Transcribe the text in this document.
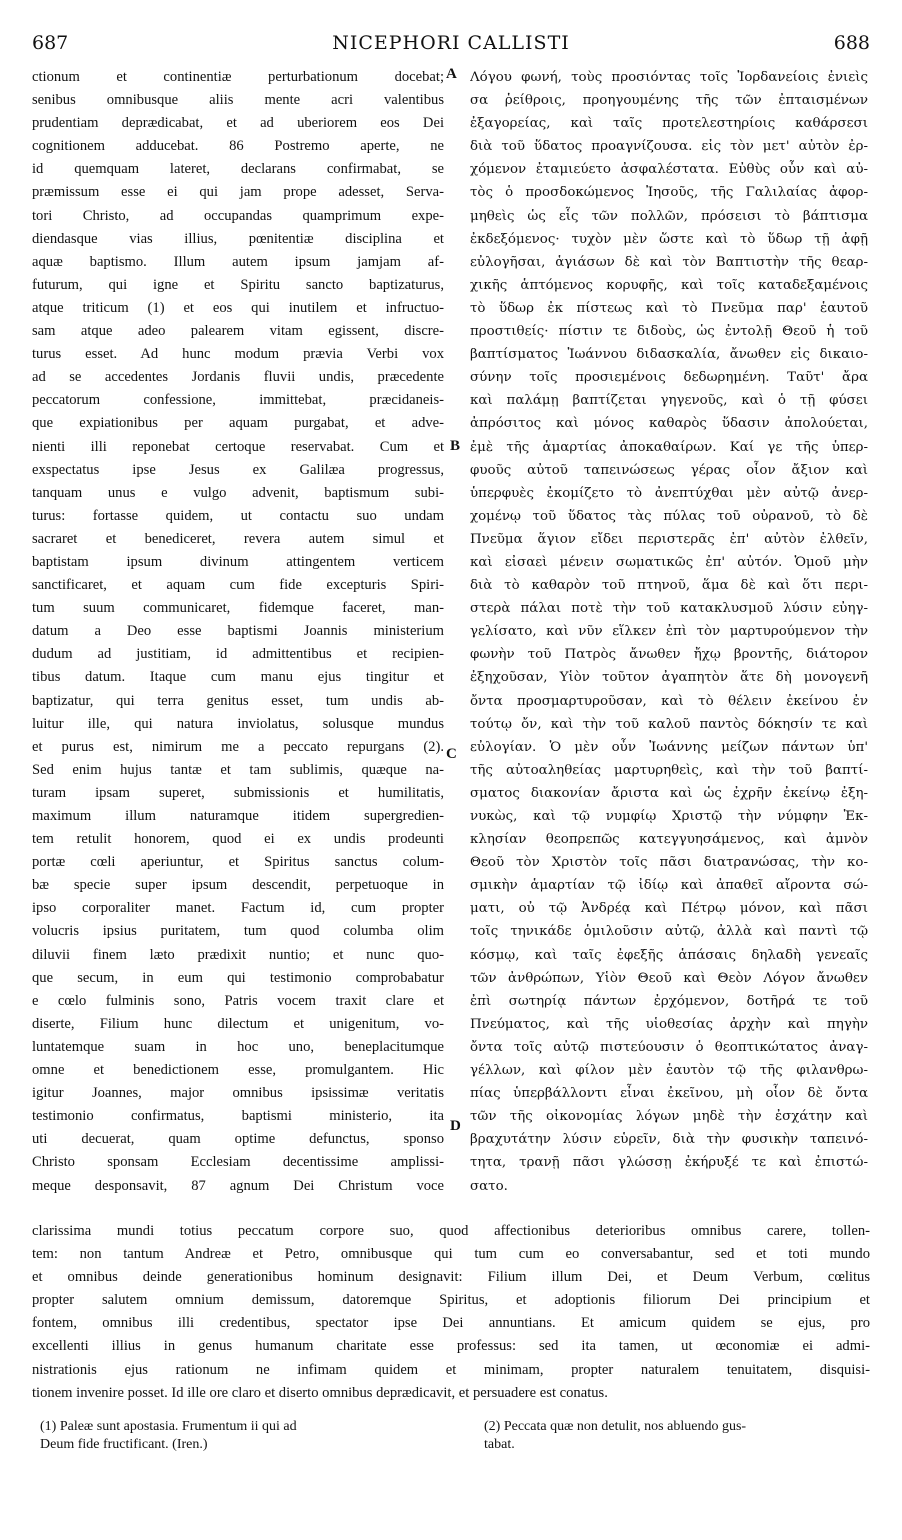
687	NICEPHORI CALLISTI	688
ctionum et continentiæ perturbationum docebat;
senibus omnibusque aliis mente acri valentibus
prudentiam deprædicabat, et ad uberiorem eos Dei
cognitionem adducebat. 86 Postremo aperte, ne
id quemquam lateret, declarans confirmabat, se
præmissum esse ei qui jam prope adesset, Serva-
tori Christo, ad occupandas quamprimum expe-
diendasque vias illius, pœnitentiæ disciplina et
aquæ baptismo. Illum autem ipsum jamjam af-
futurum, qui igne et Spiritu sancto baptizaturus,
atque triticum (1) et eos qui inutilem et infructuo-
sam atque adeo palearem vitam egissent, discre-
turus esset. Ad hunc modum prævia Verbi vox
ad se accedentes Jordanis fluvii undis, præcedente
peccatorum confessione, immittebat, præcidaneis-
que expiationibus per aquam purgabat, et adve-
nienti illi reponebat certoque reservabat. Cum et
exspectatus ipse Jesus ex Galilæa progressus,
tanquam unus e vulgo advenit, baptismum subi-
turus: fortasse quidem, ut contactu suo undam
sacraret et benediceret, revera autem simul et
baptistam ipsum divinum attingentem verticem
sanctificaret, et aquam cum fide excepturis Spiri-
tum suum communicaret, fidemque faceret, man-
datum a Deo esse baptismi Joannis ministerium
dudum ad justitiam, id admittentibus et recipien-
tibus datum. Itaque cum manu ejus tingitur et
baptizatur, qui terra genitus esset, tum undis ab-
luitur ille, qui natura inviolatus, solusque mundus
et purus est, nimirum me a peccato repurgans (2).
Sed enim hujus tantæ et tam sublimis, quæque na-
turam ipsam superet, submissionis et humilitatis,
maximum illum naturamque itidem supergredien-
tem retulit honorem, quod ei ex undis prodeunti
portæ cœli aperiuntur, et Spiritus sanctus colum-
bæ specie super ipsum descendit, perpetuoque in
ipso corporaliter manet. Factum id, cum propter
volucris ipsius puritatem, tum quod columba olim
diluvii finem læto prædixit nuntio; et nunc quo-
que secum, in eum qui testimonio comprobabatur
e cœlo fulminis sono, Patris vocem traxit clare et
diserte, Filium hunc dilectum et unigenitum, vo-
luntatemque suam in hoc uno, beneplacitumque
omne et benedictionem esse, promulgantem. Hic
igitur Joannes, major omnibus ipsissimæ veritatis
testimonio confirmatus, baptismi ministerio, ita
uti decuerat, quam optime defunctus, sponso
Christo sponsam Ecclesiam decentissime amplissi-
meque desponsavit, 87 agnum Dei Christum voce
Λόγου φωνή, τοὺς προσιόντας τοῖς Ἰορδανείοις ἐνιεὶς
σα ῥείθροις, προηγουμένης τῆς τῶν ἐπταισμένων
ἐξαγορείας, καὶ ταῖς προτελεστηρίοις καθάρσεσι
διὰ τοῦ ὕδατος προαγνίζουσα. εἰς τὸν μετ' αὐτὸν ἐρ-
χόμενον ἐταμιεύετο ἀσφαλέστατα. Εὐθὺς οὖν καὶ αὐ-
τὸς ὁ προσδοκώμενος Ἰησοῦς, τῆς Γαλιλαίας ἀφορ-
μηθεὶς ὡς εἷς τῶν πολλῶν, πρόσεισι τὸ βάπτισμα
ἐκδεξόμενος· τυχὸν μὲν ὥστε καὶ τὸ ὕδωρ τῇ ἀφῇ
εὐλογῆσαι, ἁγιάσων δὲ καὶ τὸν Βαπτιστὴν τῆς θεαρ-
χικῆς ἁπτόμενος κορυφῆς, καὶ τοῖς καταδεξαμένοις
τὸ ὕδωρ ἐκ πίστεως καὶ τὸ Πνεῦμα παρ' ἑαυτοῦ
προστιθείς· πίστιν τε διδοὺς, ὡς ἐντολῇ Θεοῦ ἡ τοῦ
βαπτίσματος Ἰωάννου διδασκαλία, ἄνωθεν εἰς δικαιο-
σύνην τοῖς προσιεμένοις δεδωρημένη. Ταῦτ' ἄρα
καὶ παλάμῃ βαπτίζεται γηγενοῦς, καὶ ὁ τῇ φύσει
ἀπρόσιτος καὶ μόνος καθαρὸς ὕδασιν ἀπολούεται,
ἐμὲ τῆς ἁμαρτίας ἀποκαθαίρων. Καί γε τῆς ὑπερ-
φυοῦς αὐτοῦ ταπεινώσεως γέρας οἷον ἄξιον καὶ
ὑπερφυὲς ἐκομίζετο τὸ ἀνεπτύχθαι μὲν αὐτῷ ἀνερ-
χομένῳ τοῦ ὕδατος τὰς πύλας τοῦ οὐρανοῦ, τὸ δὲ
Πνεῦμα ἅγιον εἴδει περιστερᾶς ἐπ' αὐτὸν ἐλθεῖν,
καὶ εἰσαεὶ μένειν σωματικῶς ἐπ' αὐτόν. Ὁμοῦ μὴν
διὰ τὸ καθαρὸν τοῦ πτηνοῦ, ἅμα δὲ καὶ ὅτι περι-
στερὰ πάλαι ποτὲ τὴν τοῦ κατακλυσμοῦ λύσιν εὐηγ-
γελίσατο, καὶ νῦν εἵλκεν ἐπὶ τὸν μαρτυρούμενον τὴν
φωνὴν τοῦ Πατρὸς ἄνωθεν ἤχῳ βροντῆς, διάτορον
ἐξηχοῦσαν, Υἱὸν τοῦτον ἀγαπητὸν ἅτε δὴ μονογενῆ
ὄντα προσμαρτυροῦσαν, καὶ τὸ θέλειν ἐκείνου ἐν
τούτῳ ὄν, καὶ τὴν τοῦ καλοῦ παντὸς δόκησίν τε καὶ
εὐλογίαν. Ὁ μὲν οὖν Ἰωάννης μείζων πάντων ὑπ'
τῆς αὐτοαληθείας μαρτυρηθεὶς, καὶ τὴν τοῦ βαπτί-
σματος διακονίαν ἄριστα καὶ ὡς ἐχρῆν ἐκείνῳ ἐξη-
νυκὼς, καὶ τῷ νυμφίῳ Χριστῷ τὴν νύμφην Ἐκ-
κλησίαν θεοπρεπῶς κατεγγυησάμενος, καὶ ἀμνὸν
Θεοῦ τὸν Χριστὸν τοῖς πᾶσι διατρανώσας, τὴν κο-
σμικὴν ἁμαρτίαν τῷ ἰδίῳ καὶ ἀπαθεῖ αἴροντα σώ-
ματι, οὐ τῷ Ἀνδρέᾳ καὶ Πέτρῳ μόνον, καὶ πᾶσι
τοῖς τηνικάδε ὁμιλοῦσιν αὐτῷ, ἀλλὰ καὶ παντὶ τῷ
κόσμῳ, καὶ ταῖς ἐφεξῆς ἁπάσαις δηλαδὴ γενεαῖς
τῶν ἀνθρώπων, Υἱὸν Θεοῦ καὶ Θεὸν Λόγον ἄνωθεν
ἐπὶ σωτηρίᾳ πάντων ἐρχόμενον, δοτῆρά τε τοῦ
Πνεύματος, καὶ τῆς υἱοθεσίας ἀρχὴν καὶ πηγὴν
ὄντα τοῖς αὐτῷ πιστεύουσιν ὁ θεοπτικώτατος ἀναγ-
γέλλων, καὶ φίλον μὲν ἑαυτὸν τῷ τῆς φιλανθρω-
πίας ὑπερβάλλοντι εἶναι ἐκεῖνου, μὴ οἷον δὲ ὄντα
τῶν τῆς οἰκονομίας λόγων μηδὲ τὴν ἐσχάτην καὶ
βραχυτάτην λύσιν εὑρεῖν, διὰ τὴν φυσικὴν ταπεινό-
τητα, τρανῇ πᾶσι γλώσσῃ ἐκήρυξέ τε καὶ ἐπιστώ-
σατο.
A
B
C
D
clarissima mundi totius peccatum corpore suo, quod affectionibus deterioribus omnibus carere, tollen-
tem: non tantum Andreæ et Petro, omnibusque qui tum cum eo conversabantur, sed et toti mundo
et omnibus deinde generationibus hominum designavit: Filium illum Dei, et Deum Verbum, cœlitus
propter salutem omnium demissum, datoremque Spiritus, et adoptionis filiorum Dei principium et
fontem, omnibus illi credentibus, spectator ipse Dei annuntians. Et amicum quidem se ejus, pro
excellenti illius in genus humanum charitate esse professus: sed ita tamen, ut œconomiæ ei admi-
nistrationis ejus rationum ne infimam quidem et minimam, propter naturalem tenuitatem, disquisi-
tionem invenire posset. Id ille ore claro et diserto omnibus deprædicavit, et persuadere est conatus.
(1) Paleæ sunt apostasia. Frumentum ii qui ad
Deum fide fructificant. (Iren.)
(2) Peccata quæ non detulit, nos abluendo gus-
tabat.
